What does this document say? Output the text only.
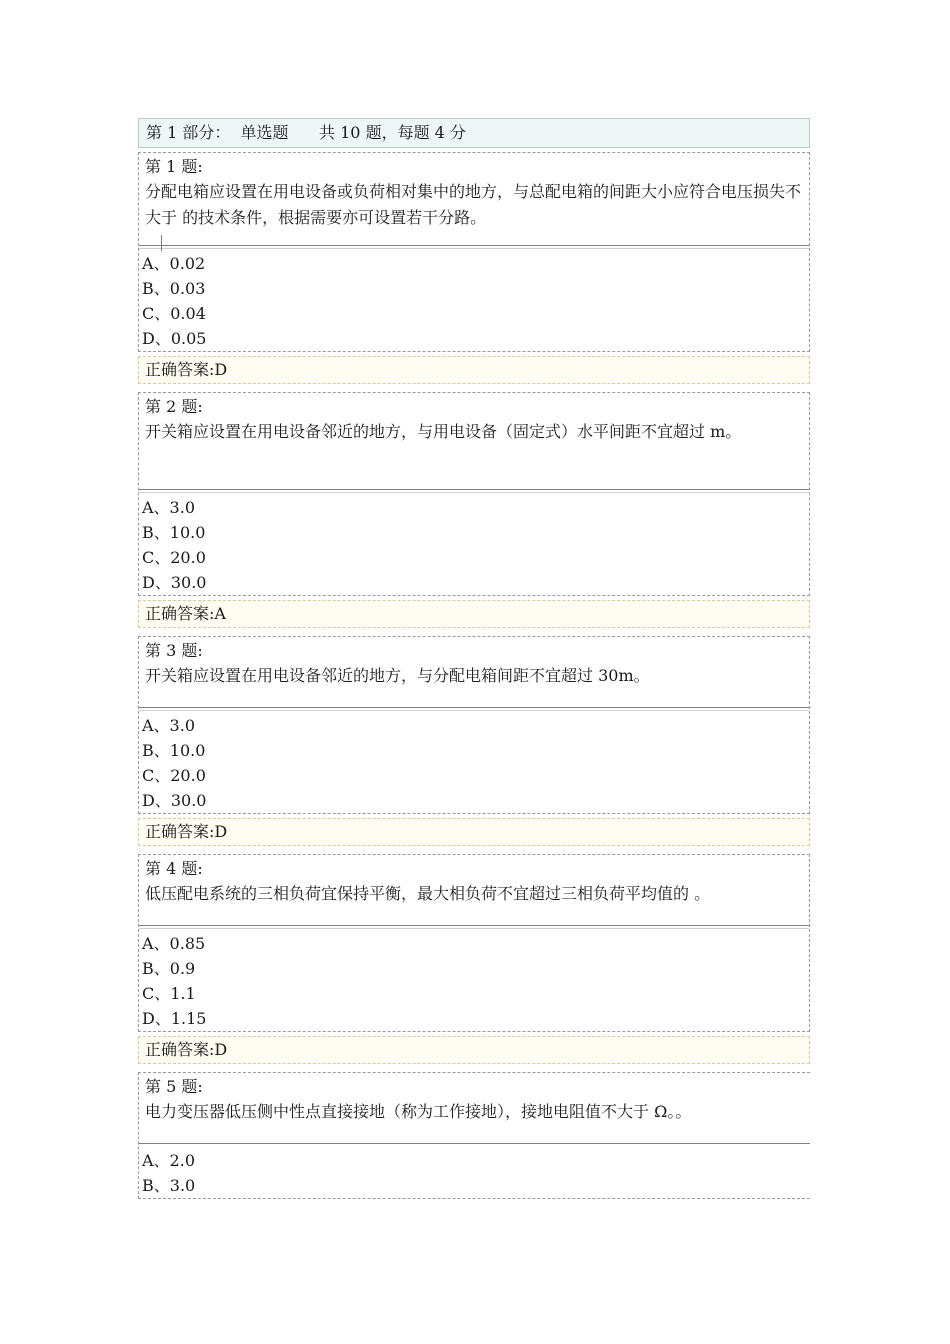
第 1 部分：  单选题      共 10 题，每题 4 分
第 1 题:
分配电箱应设置在用电设备或负荷相对集中的地方，与总配电箱的间距大小应符合电压损失不大于 的技术条件，根据需要亦可设置若干分路。
A、0.02
B、0.03
C、0.04
D、0.05
正确答案:D
第 2 题:
开关箱应设置在用电设备邻近的地方，与用电设备（固定式）水平间距不宜超过 m。
A、3.0
B、10.0
C、20.0
D、30.0
正确答案:A
第 3 题:
开关箱应设置在用电设备邻近的地方，与分配电箱间距不宜超过 30m。
A、3.0
B、10.0
C、20.0
D、30.0
正确答案:D
第 4 题:
低压配电系统的三相负荷宜保持平衡，最大相负荷不宜超过三相负荷平均值的 。
A、0.85
B、0.9
C、1.1
D、1.15
正确答案:D
第 5 题:
电力变压器低压侧中性点直接接地（称为工作接地），接地电阻值不大于 Ω。。
A、2.0
B、3.0
